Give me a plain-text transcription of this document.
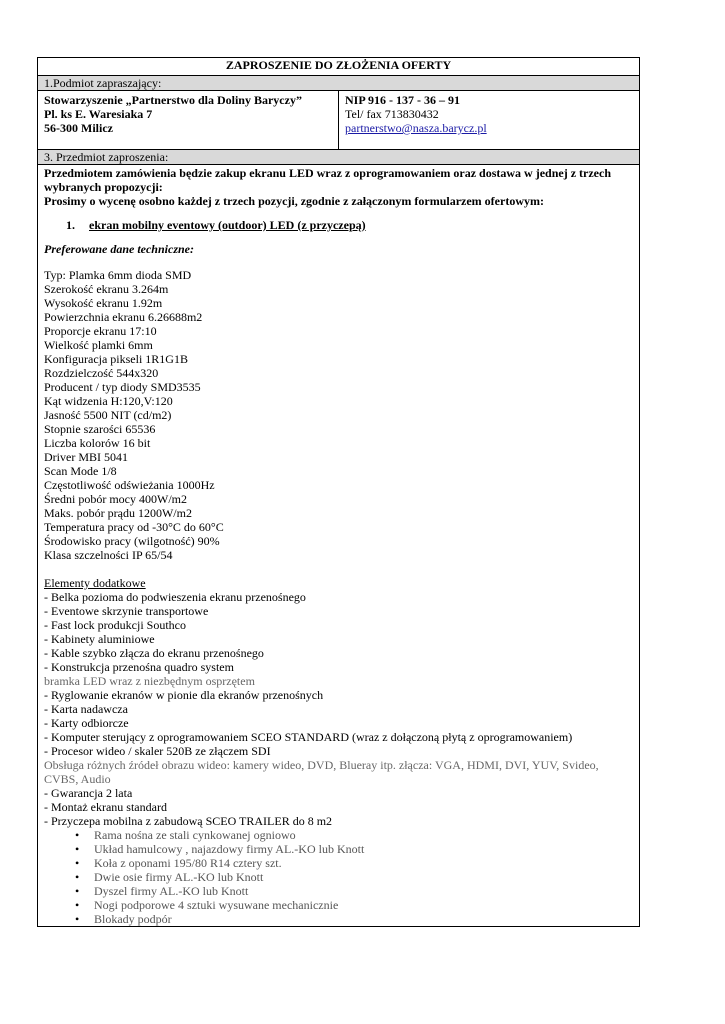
ZAPROSZENIE DO ZŁOŻENIA OFERTY
1.Podmiot zapraszający:

Stowarzyszenie „Partnerstwo dla Doliny Baryczy”
Pl. ks E. Waresiaka 7
56-300 Milicz

NIP 916 - 137 - 36 – 91
Tel/ fax 713830432
partnerstwo@nasza.barycz.pl

3. Przedmiot zaproszenia:

Przedmiotem zamówienia będzie zakup ekranu LED wraz z oprogramowaniem oraz dostawa w jednej z trzech wybranych propozycji:

Prosimy o wycenę osobno każdej z trzech pozycji, zgodnie z załączonym formularzem ofertowym:

1. ekran mobilny eventowy (outdoor) LED (z przyczepą)
Preferowane dane techniczne:
Typ: Plamka 6mm dioda SMD
Szerokość ekranu 3.264m
Wysokość ekranu 1.92m
Powierzchnia ekranu 6.26688m2
Proporcje ekranu 17:10
Wielkość plamki 6mm
Konfiguracja pikseli 1R1G1B
Rozdzielczość 544x320
Producent / typ diody SMD3535
Kąt widzenia H:120,V:120
Jasność 5500 NIT (cd/m2)
Stopnie szarości 65536
Liczba kolorów 16 bit
Driver MBI 5041
Scan Mode 1/8
Częstotliwość odświeżania 1000Hz
Średni pobór mocy 400W/m2
Maks. pobór prądu 1200W/m2
Temperatura pracy od -30°C do 60°C
Środowisko pracy (wilgotność) 90%
Klasa szczelności IP 65/54
Elementy dodatkowe
- Belka pozioma do podwieszenia ekranu przenośnego
- Eventowe skrzynie transportowe
- Fast lock produkcji Southco
- Kabinety aluminiowe
- Kable szybko złącza do ekranu przenośnego
- Konstrukcja przenośna quadro system
bramka LED wraz z niezbędnym osprzętem
- Ryglowanie ekranów w pionie dla ekranów przenośnych
- Karta nadawcza
- Karty odbiorcze
- Komputer sterujący z oprogramowaniem SCEO STANDARD (wraz z dołączoną płytą z oprogramowaniem)
- Procesor wideo / skaler 520B ze złączem SDI
Obsługa różnych źródeł obrazu wideo: kamery wideo, DVD, Blueray itp. złącza: VGA, HDMI, DVI, YUV, Svideo, CVBS, Audio
- Gwarancja 2 lata
- Montaż ekranu standard
- Przyczepa mobilna z zabudową SCEO TRAILER do 8 m2
• Rama nośna ze stali cynkowanej ogniowo
• Układ hamulcowy , najazdowy firmy AL.-KO lub Knott
• Koła z oponami 195/80 R14 cztery szt.
• Dwie osie firmy AL.-KO lub Knott
• Dyszel firmy AL.-KO lub Knott
• Nogi podporowe 4 sztuki wysuwane mechanicznie
• Blokady podpór
